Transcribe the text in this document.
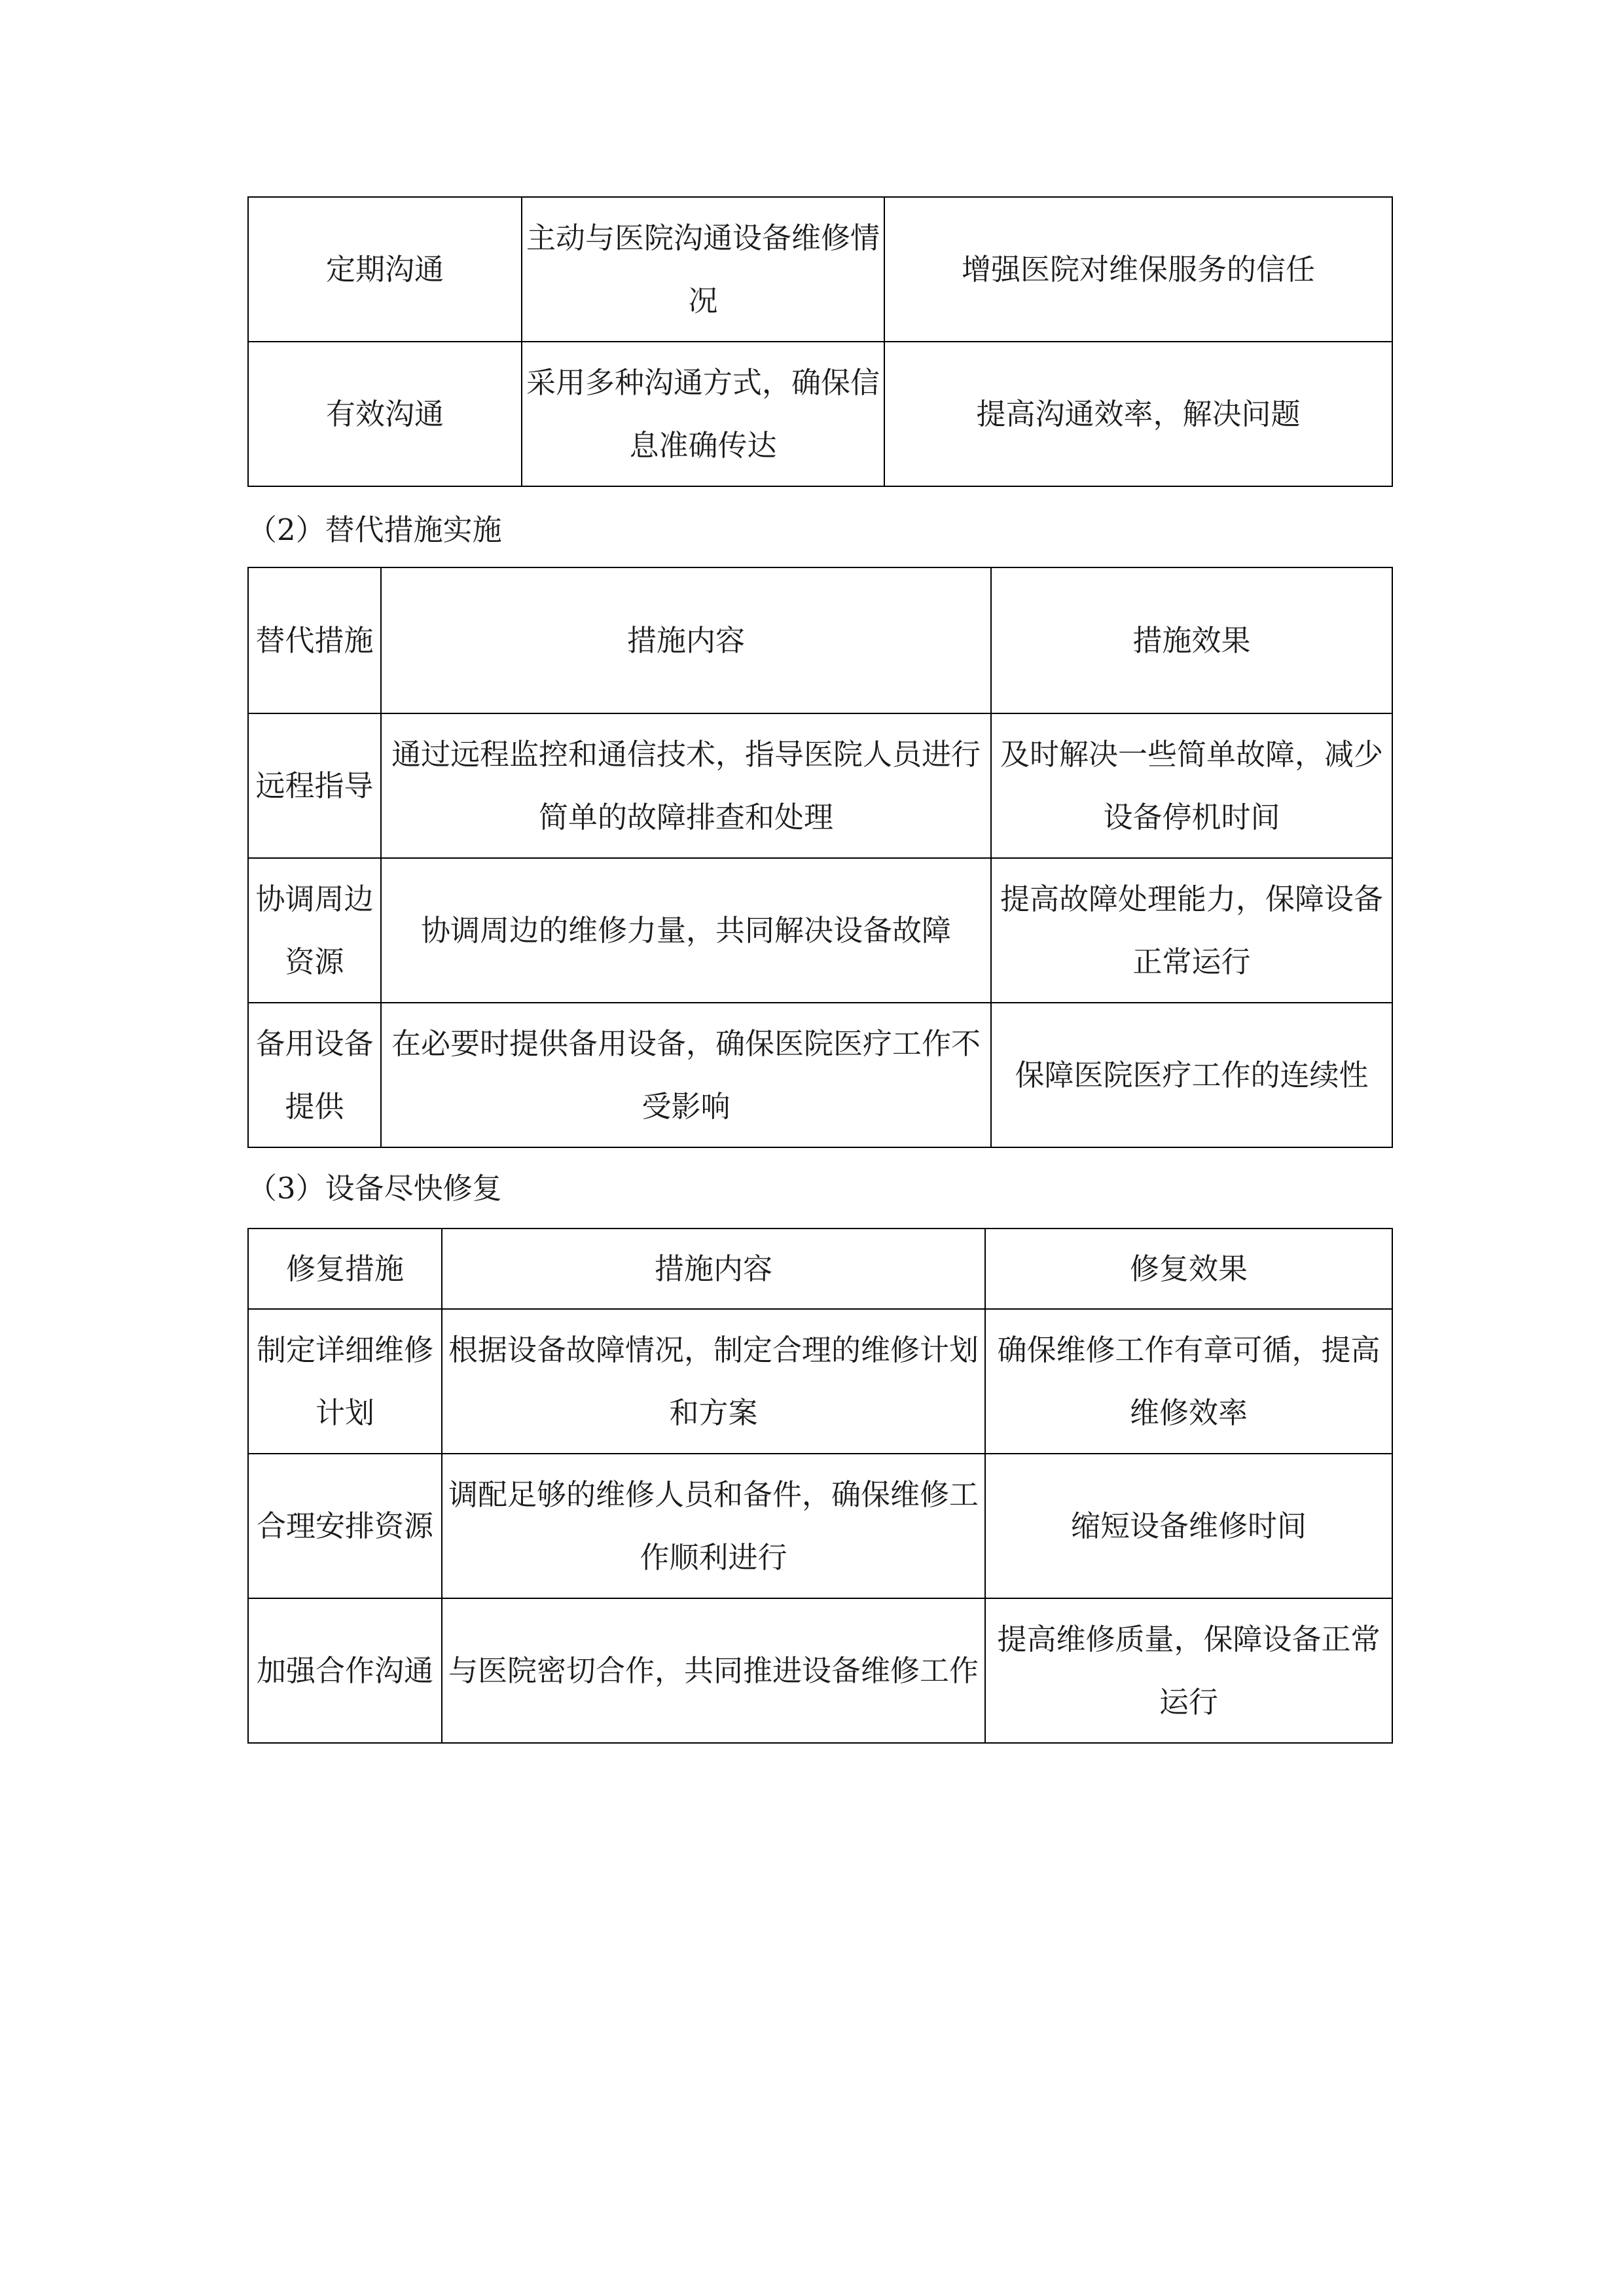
定期沟通	主动与医院沟通设备维修情况	增强医院对维保服务的信任
有效沟通	采用多种沟通方式，确保信息准确传达	提高沟通效率，解决问题
（2）替代措施实施
替代措施	措施内容	措施效果
远程指导	通过远程监控和通信技术，指导医院人员进行简单的故障排查和处理	及时解决一些简单故障，减少设备停机时间
协调周边资源	协调周边的维修力量，共同解决设备故障	提高故障处理能力，保障设备正常运行
备用设备提供	在必要时提供备用设备，确保医院医疗工作不受影响	保障医院医疗工作的连续性
（3）设备尽快修复
修复措施	措施内容	修复效果
制定详细维修计划	根据设备故障情况，制定合理的维修计划和方案	确保维修工作有章可循，提高维修效率
合理安排资源	调配足够的维修人员和备件，确保维修工作顺利进行	缩短设备维修时间
加强合作沟通	与医院密切合作，共同推进设备维修工作	提高维修质量，保障设备正常运行
